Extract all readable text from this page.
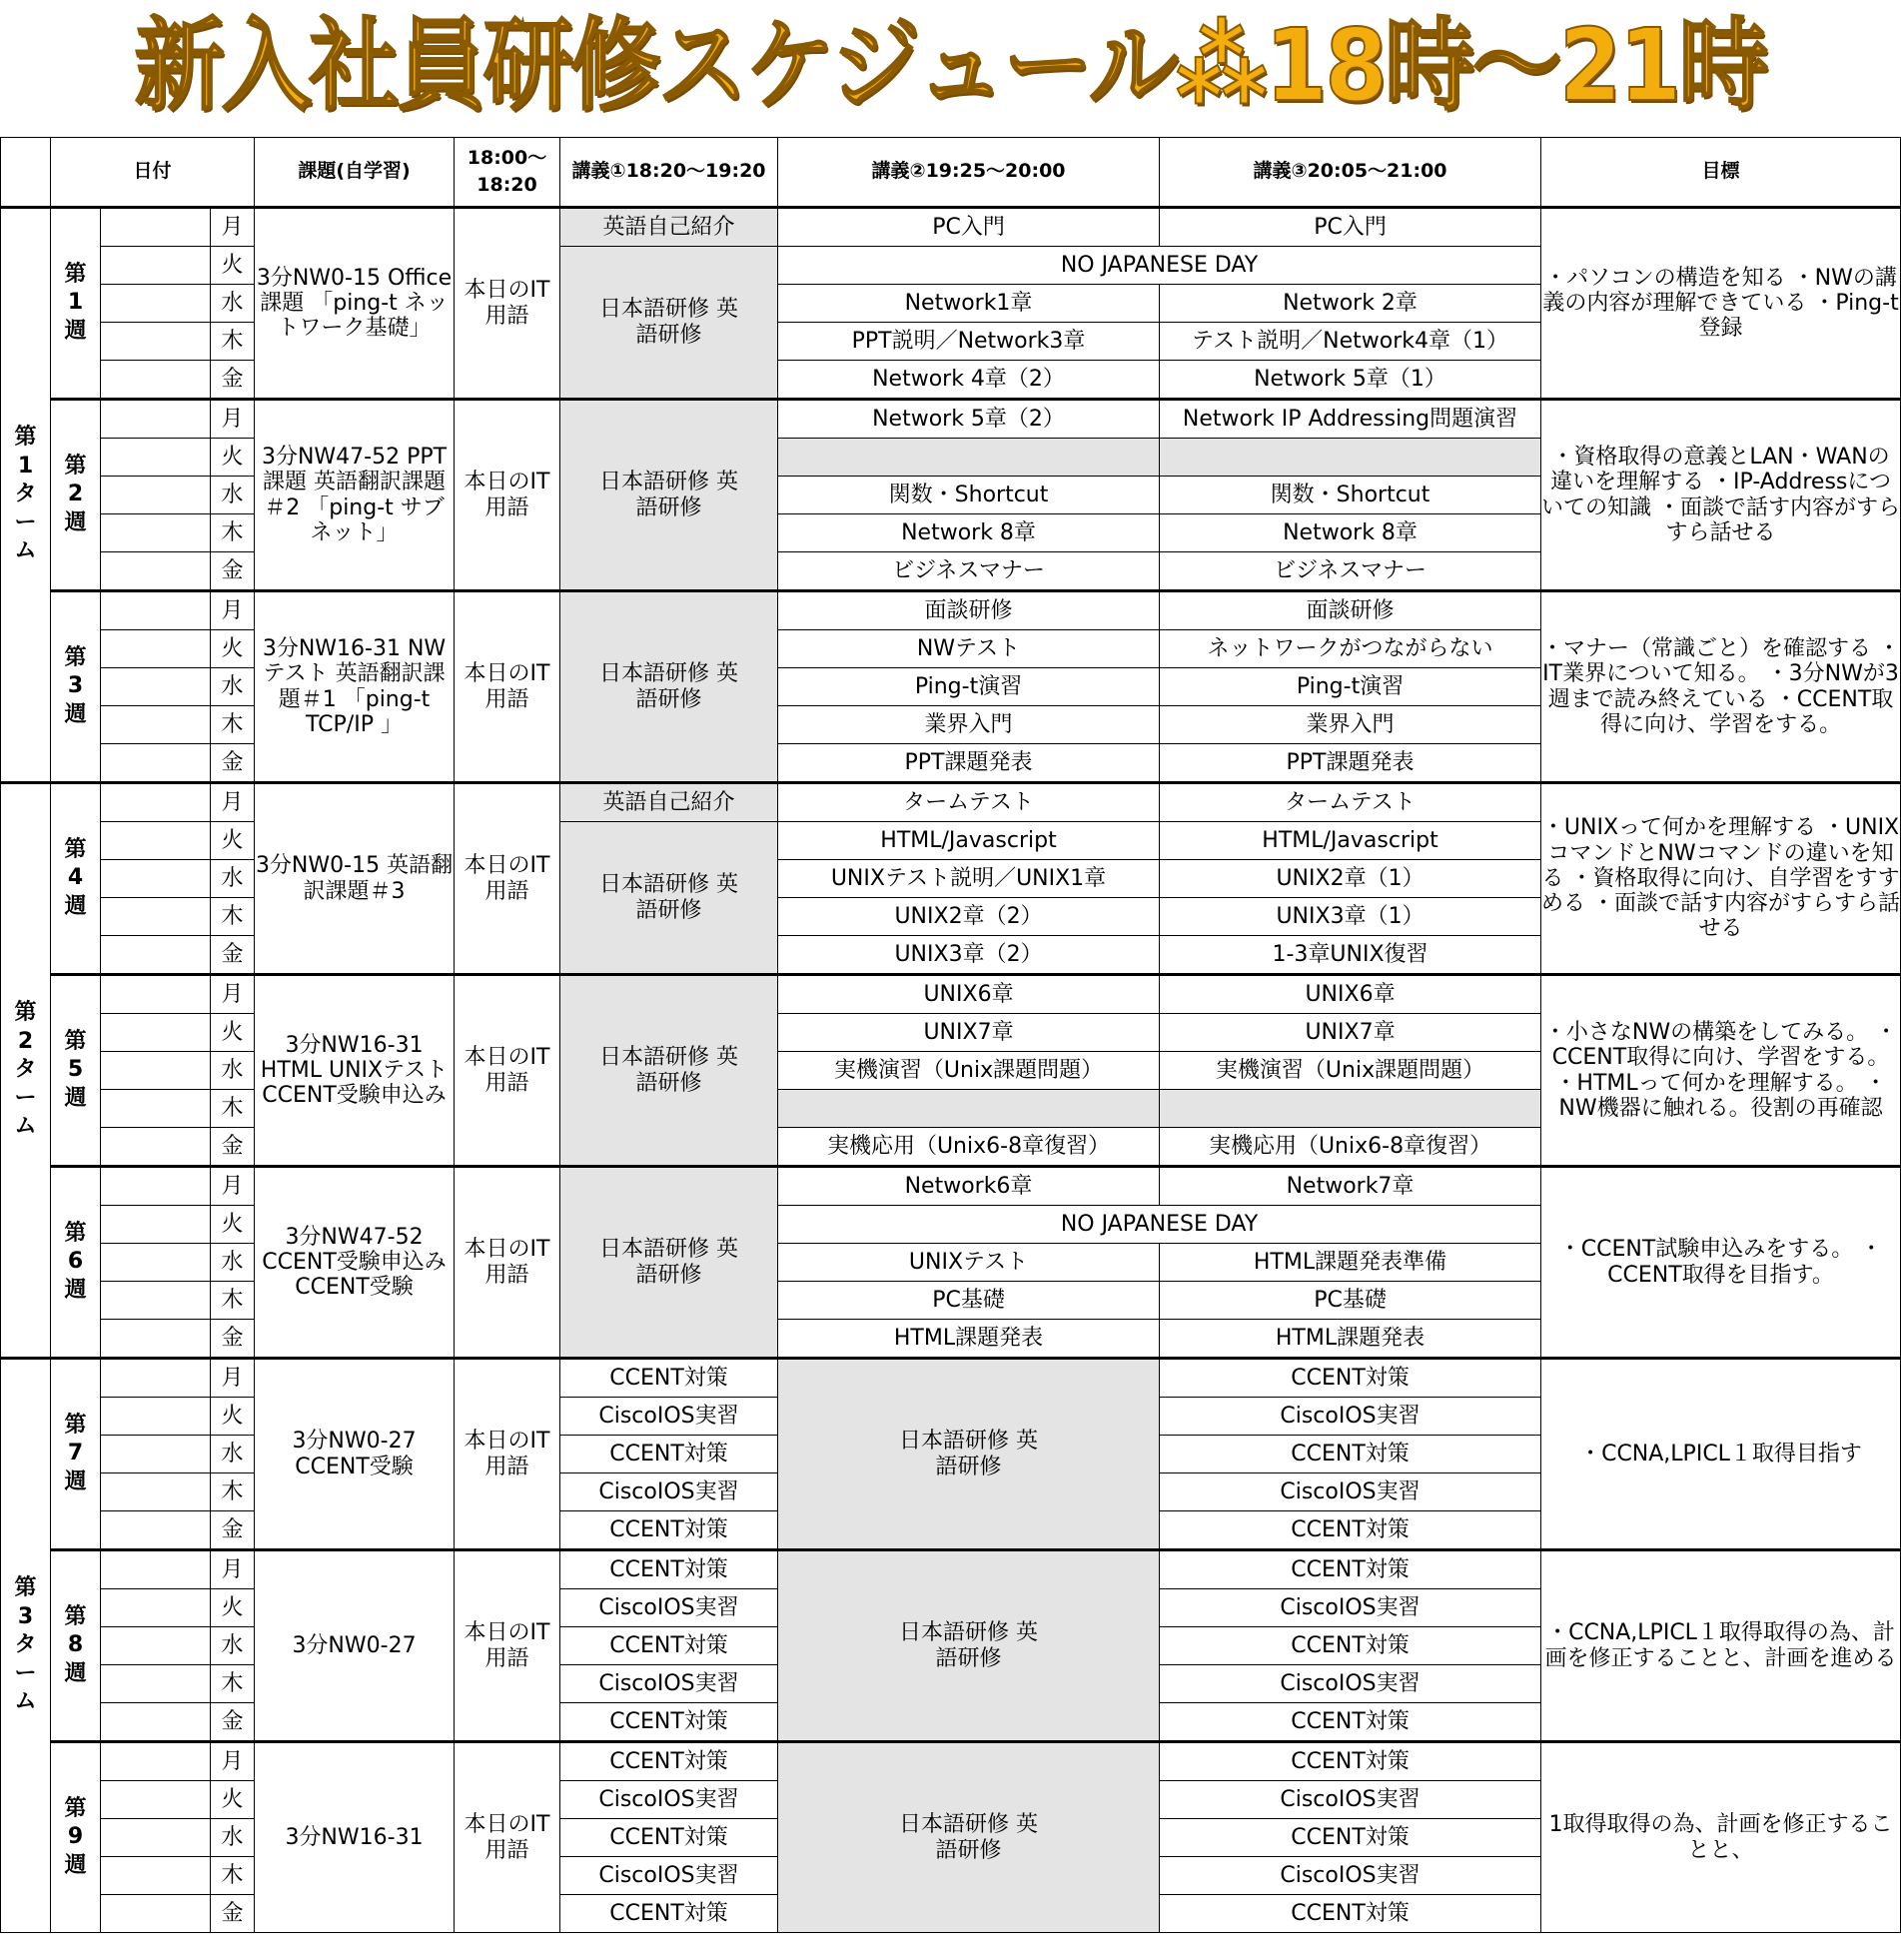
新入社員研修スケジュール⁂18時〜21時
	日付			課題(自学習)	18:00〜18:20	講義①18:20〜19:20	講義②19:25〜20:00	講義③20:05〜21:00	目標
第1ターム	第1週		月	3分NW0-15 Office課題 「ping-t ネットワーク基礎」	本日のIT用語	英語自己紹介	PC入門	PC入門	・パソコンの構造を知る ・NWの講義の内容が理解できている ・Ping-t登録
			火			日本語研修 英語研修	NO JAPANESE DAY		
			水				Network1章	Network 2章	
			木				PPT説明／Network3章	テスト説明／Network4章（1）	
			金				Network 4章（2）	Network 5章（1）	
	第2週		月	3分NW47-52 PPT課題 英語翻訳課題＃2 「ping-t サブネット」	本日のIT用語	日本語研修 英語研修	Network 5章（2）	Network IP Addressing問題演習	・資格取得の意義とLAN・WANの違いを理解する ・IP-Addressについての知識 ・面談で話す内容がすらすら話せる
			火						
			水				関数・Shortcut	関数・Shortcut	
			木				Network 8章	Network 8章	
			金				ビジネスマナー	ビジネスマナー	
	第3週		月	3分NW16-31 NWテスト 英語翻訳課題＃1 「ping-t TCP/IP 」	本日のIT用語	日本語研修 英語研修	面談研修	面談研修	・マナー（常識ごと）を確認する ・IT業界について知る。 ・3分NWが3週まで読み終えている ・CCENT取得に向け、学習をする。
			火				NWテスト	ネットワークがつながらない	
			水				Ping-t演習	Ping-t演習	
			木				業界入門	業界入門	
			金				PPT課題発表	PPT課題発表	
第2ターム	第4週		月	3分NW0-15 英語翻訳課題＃3	本日のIT用語	英語自己紹介	タームテスト	タームテスト	・UNIXって何かを理解する ・UNIXコマンドとNWコマンドの違いを知る ・資格取得に向け、自学習をすすめる ・面談で話す内容がすらすら話せる
			火			日本語研修 英語研修	HTML/Javascript	HTML/Javascript	
			水				UNIXテスト説明／UNIX1章	UNIX2章（1）	
			木				UNIX2章（2）	UNIX3章（1）	
			金				UNIX3章（2）	1-3章UNIX復習	
	第5週		月	3分NW16-31 HTML UNIXテスト CCENT受験申込み	本日のIT用語	日本語研修 英語研修	UNIX6章	UNIX6章	・小さなNWの構築をしてみる。 ・CCENT取得に向け、学習をする。 ・HTMLって何かを理解する。 ・NW機器に触れる。役割の再確認
			火				UNIX7章	UNIX7章	
			水				実機演習（Unix課題問題）	実機演習（Unix課題問題）	
			木						
			金				実機応用（Unix6-8章復習）	実機応用（Unix6-8章復習）	
	第6週		月	3分NW47-52 CCENT受験申込み CCENT受験	本日のIT用語	日本語研修 英語研修	Network6章	Network7章	・CCENT試験申込みをする。 ・CCENT取得を目指す。
			火				NO JAPANESE DAY		
			水				UNIXテスト	HTML課題発表準備	
			木				PC基礎	PC基礎	
			金				HTML課題発表	HTML課題発表	
第3ターム	第7週		月	3分NW0-27 CCENT受験	本日のIT用語	CCENT対策	日本語研修 英語研修	CCENT対策	・CCNA,LPICL１取得目指す
			火			CiscoIOS実習		CiscoIOS実習	
			水			CCENT対策		CCENT対策	
			木			CiscoIOS実習		CiscoIOS実習	
			金			CCENT対策		CCENT対策	
	第8週		月	3分NW0-27	本日のIT用語	CCENT対策	日本語研修 英語研修	CCENT対策	・CCNA,LPICL１取得取得の為、計画を修正することと、計画を進める
			火			CiscoIOS実習		CiscoIOS実習	
			水			CCENT対策		CCENT対策	
			木			CiscoIOS実習		CiscoIOS実習	
			金			CCENT対策		CCENT対策	
	第9週		月	3分NW16-31	本日のIT用語	CCENT対策	日本語研修 英語研修	CCENT対策	1取得取得の為、計画を修正することと、
			火			CiscoIOS実習		CiscoIOS実習	
			水			CCENT対策		CCENT対策	
			木			CiscoIOS実習		CiscoIOS実習	
			金			CCENT対策		CCENT対策	
